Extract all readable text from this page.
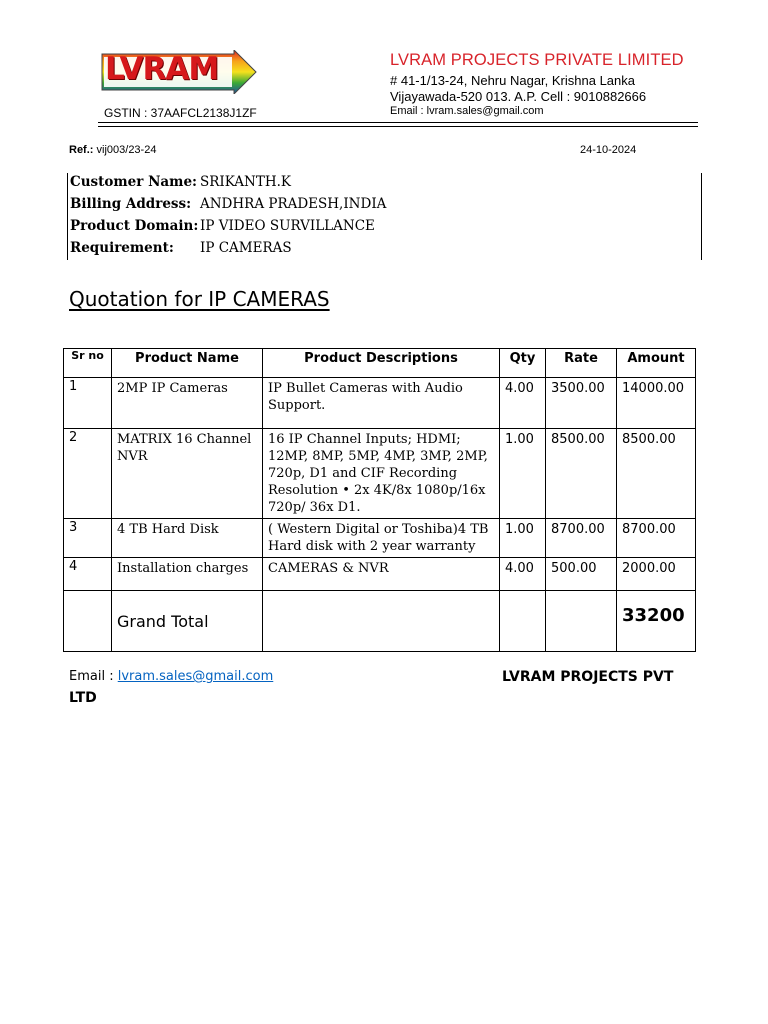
LVRAM
GSTIN : 37AAFCL2138J1ZF
LVRAM PROJECTS PRIVATE LIMITED
# 41-1/13-24, Nehru Nagar, Krishna Lanka
Vijayawada-520 013. A.P. Cell : 9010882666
Email : lvram.sales@gmail.com
Ref.: vij003/23-24	24-10-2024
Customer Name: SRIKANTH.K
Billing Address: ANDHRA PRADESH,INDIA
Product Domain: IP VIDEO SURVILLANCE
Requirement: IP CAMERAS
Quotation for IP CAMERAS
Sr no	Product Name	Product Descriptions	Qty	Rate	Amount
1	2MP IP Cameras	IP Bullet Cameras with Audio Support.	4.00	3500.00	14000.00
2	MATRIX 16 Channel NVR	16 IP Channel Inputs; HDMI; 12MP, 8MP, 5MP, 4MP, 3MP, 2MP, 720p, D1 and CIF Recording Resolution • 2x 4K/8x 1080p/16x 720p/ 36x D1.	1.00	8500.00	8500.00
3	4 TB Hard Disk	( Western Digital or Toshiba)4 TB Hard disk with 2 year warranty	1.00	8700.00	8700.00
4	Installation charges	CAMERAS & NVR	4.00	500.00	2000.00
	Grand Total				33200
Email : lvram.sales@gmail.com	LVRAM PROJECTS PVT
LTD
